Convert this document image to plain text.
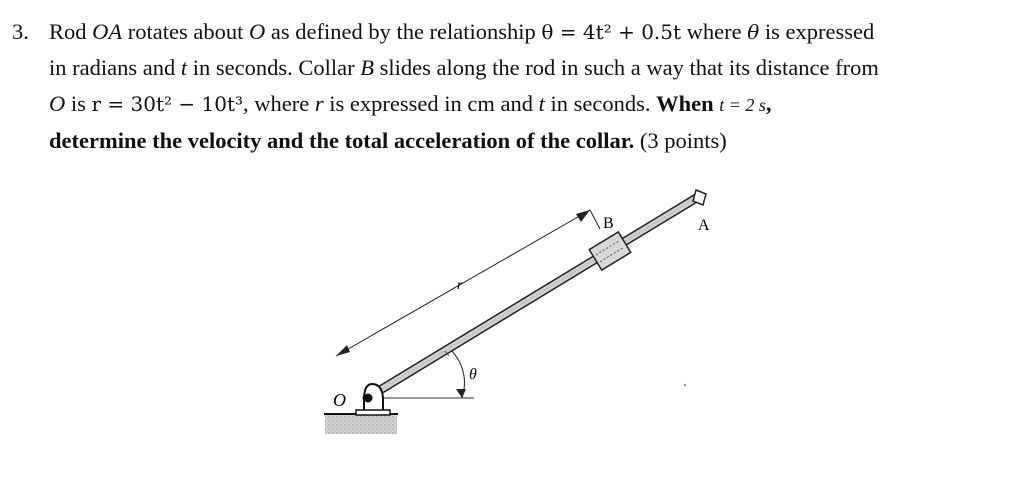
3. Rod OA rotates about O as defined by the relationship θ = 4t² + 0.5t where θ is expressed
in radians and t in seconds. Collar B slides along the rod in such a way that its distance from
O is r = 30t² − 10t³, where r is expressed in cm and t in seconds. When t = 2 s,
determine the velocity and the total acceleration of the collar. (3 points)
O
A
B
r
θ
